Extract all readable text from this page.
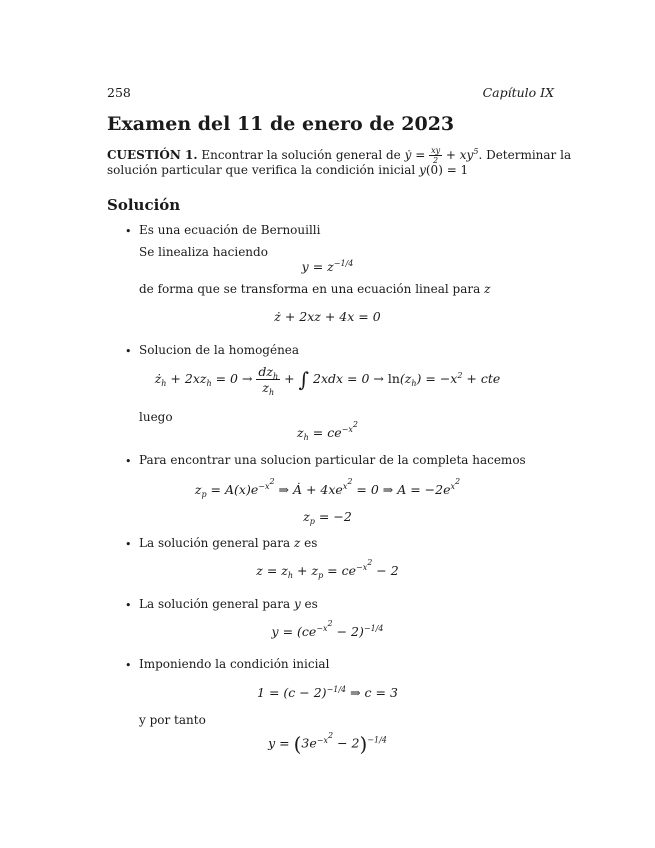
258	Capítulo IX
Examen del 11 de enero de 2023
CUESTIÓN 1. Encontrar la solución general de ẏ = $\frac{xy}{2} + xy^5$. Determinar la
solución particular que verifica la condición inicial y(0) = 1
Solución
• Es una ecuación de Bernouilli
Se linealiza haciendo
$y = z^{-1/4}$
de forma que se transforma en una ecuación lineal para z
ż + 2xz + 4x = 0
• Solucion de la homogénea
$ż_h + 2xz_h = 0 \to \frac{dz_h}{z_h}$ + ∫ $2xdx = 0 \to \ln(z_h) = -x^2$ + cte
luego
$z_h = ce^{-x^2}$
• Para encontrar una solucion particular de la completa hacemos
$z_p = A(x)e^{-x^2}$ ⇒ Ȧ + $4xe^{x^2} = 0$ ⇒ $A = -2e^{x^2}$
$z_p = -2$
• La solución general para z es
$z = z_h + z_p = ce^{-x^2} - 2$
• La solución general para y es
$y = (ce^{-x^2} - 2)^{-1/4}$
• Imponiendo la condición inicial
$1 = (c - 2)^{-1/4}$ ⇒ c = 3
y por tanto
$y = (3e^{-x^2} - 2)^{-1/4}$
